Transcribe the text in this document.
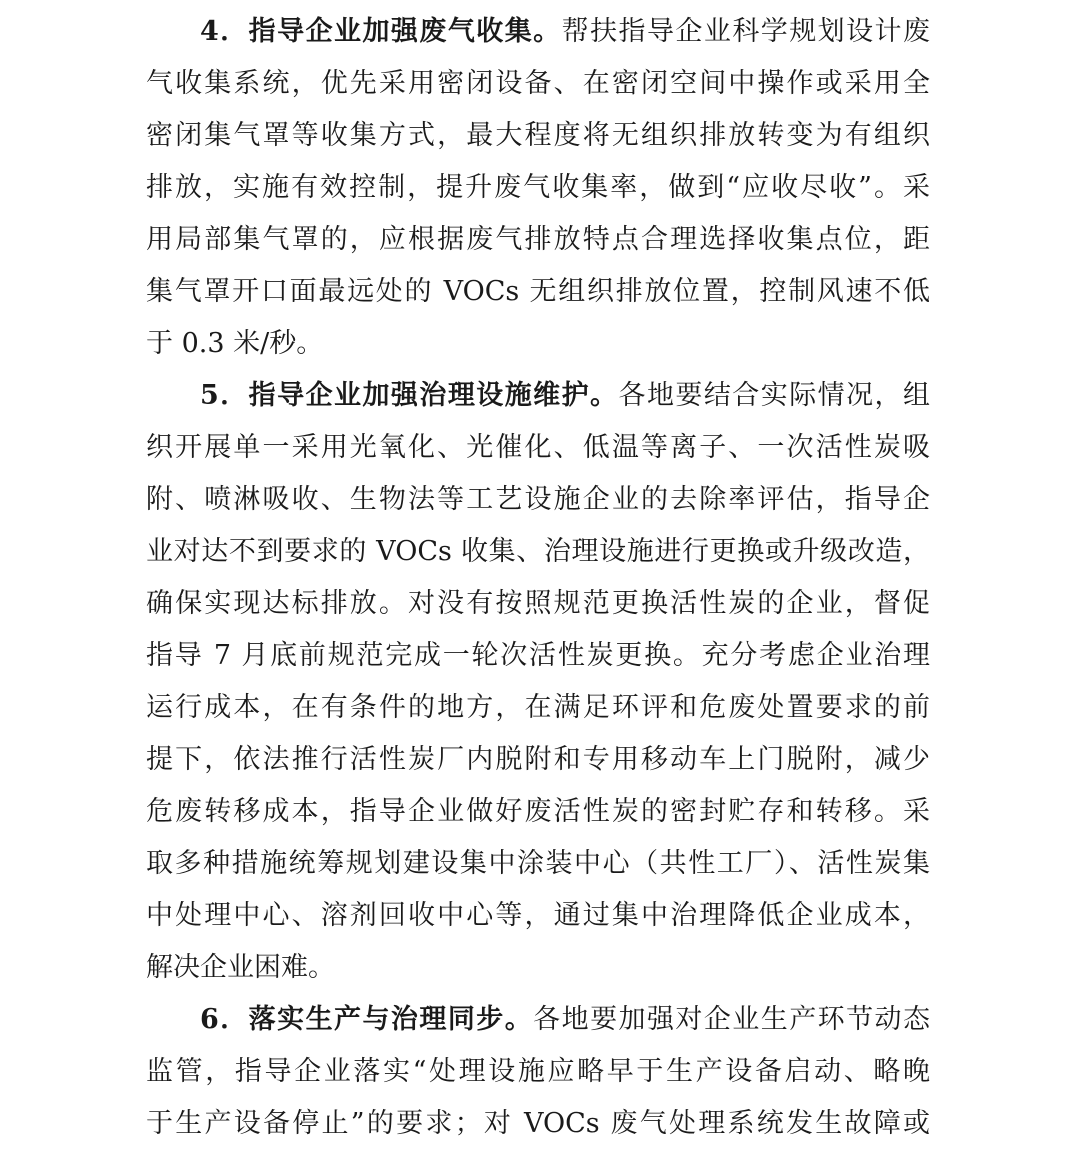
4．指导企业加强废气收集。帮扶指导企业科学规划设计废
气收集系统，优先采用密闭设备、在密闭空间中操作或采用全
密闭集气罩等收集方式，最大程度将无组织排放转变为有组织
排放，实施有效控制，提升废气收集率，做到“应收尽收”。采
用局部集气罩的，应根据废气排放特点合理选择收集点位，距
集气罩开口面最远处的 VOCs 无组织排放位置，控制风速不低
于 0.3 米/秒。
5．指导企业加强治理设施维护。各地要结合实际情况，组
织开展单一采用光氧化、光催化、低温等离子、一次活性炭吸
附、喷淋吸收、生物法等工艺设施企业的去除率评估，指导企
业对达不到要求的 VOCs 收集、治理设施进行更换或升级改造，
确保实现达标排放。对没有按照规范更换活性炭的企业，督促
指导 7 月底前规范完成一轮次活性炭更换。充分考虑企业治理
运行成本，在有条件的地方，在满足环评和危废处置要求的前
提下，依法推行活性炭厂内脱附和专用移动车上门脱附，减少
危废转移成本，指导企业做好废活性炭的密封贮存和转移。采
取多种措施统筹规划建设集中涂装中心（共性工厂）、活性炭集
中处理中心、溶剂回收中心等，通过集中治理降低企业成本，
解决企业困难。
6．落实生产与治理同步。各地要加强对企业生产环节动态
监管，指导企业落实“处理设施应略早于生产设备启动、略晚
于生产设备停止”的要求；对 VOCs 废气处理系统发生故障或
